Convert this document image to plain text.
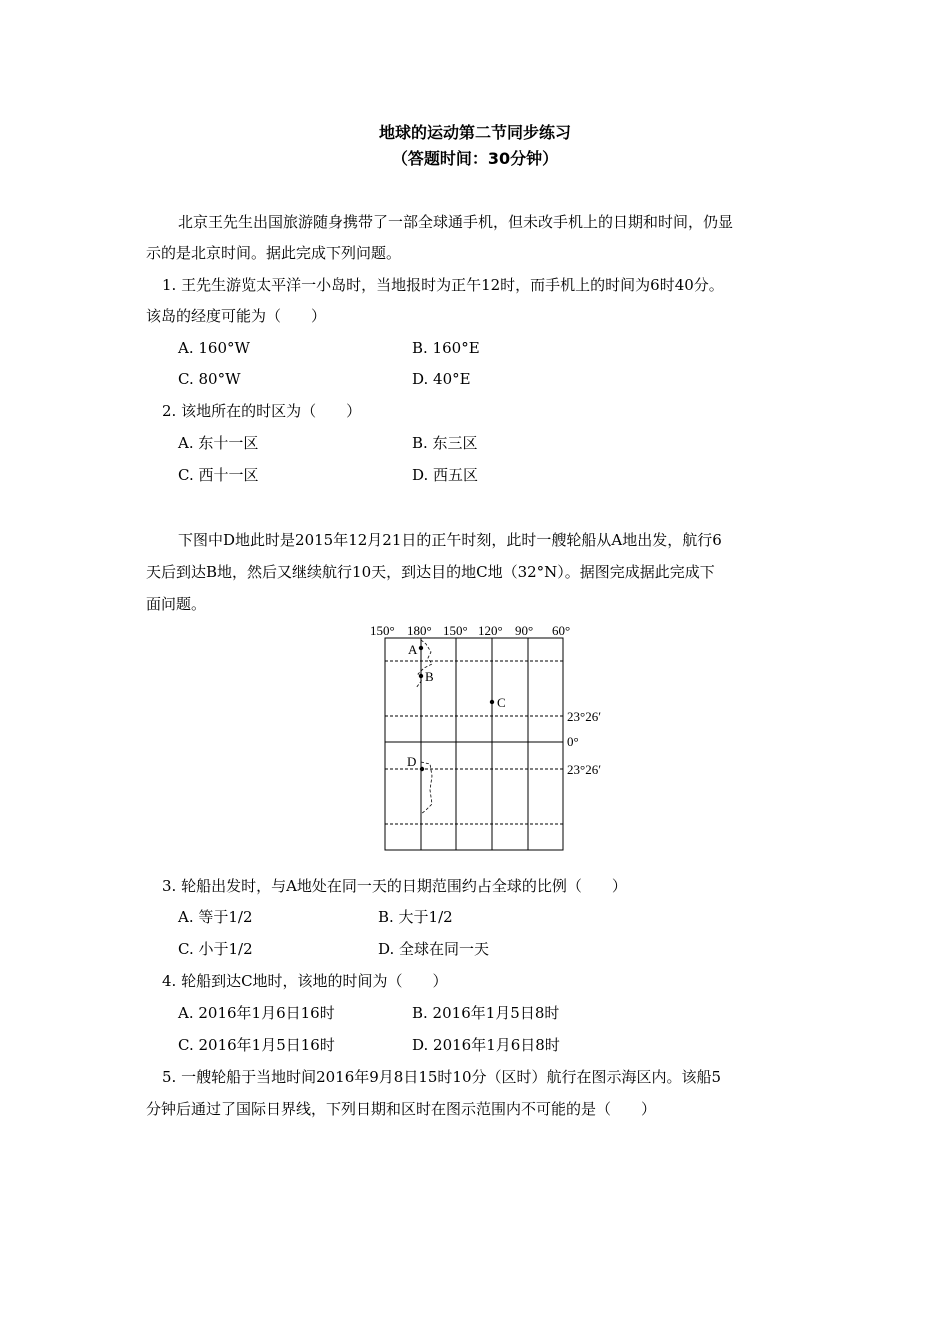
地球的运动第二节同步练习
（答题时间：30分钟）
北京王先生出国旅游随身携带了一部全球通手机，但未改手机上的日期和时间，仍显
示的是北京时间。据此完成下列问题。
1. 王先生游览太平洋一小岛时，当地报时为正午12时，而手机上的时间为6时40分。
该岛的经度可能为（　　）
A. 160°W	B. 160°E
C. 80°W	D. 40°E
2. 该地所在的时区为（　　）
A. 东十一区	B. 东三区
C. 西十一区	D. 西五区
下图中D地此时是2015年12月21日的正午时刻，此时一艘轮船从A地出发，航行6
天后到达B地，然后又继续航行10天，到达目的地C地（32°N）。据图完成据此完成下
面问题。
150° 180° 150° 120° 90° 60°
23°26′
0°
23°26′
A
B
C
D
3. 轮船出发时，与A地处在同一天的日期范围约占全球的比例（　　）
A. 等于1/2	B. 大于1/2
C. 小于1/2	D. 全球在同一天
4. 轮船到达C地时，该地的时间为（　　）
A. 2016年1月6日16时	B. 2016年1月5日8时
C. 2016年1月5日16时	D. 2016年1月6日8时
5. 一艘轮船于当地时间2016年9月8日15时10分（区时）航行在图示海区内。该船5
分钟后通过了国际日界线，下列日期和区时在图示范围内不可能的是（　　）
